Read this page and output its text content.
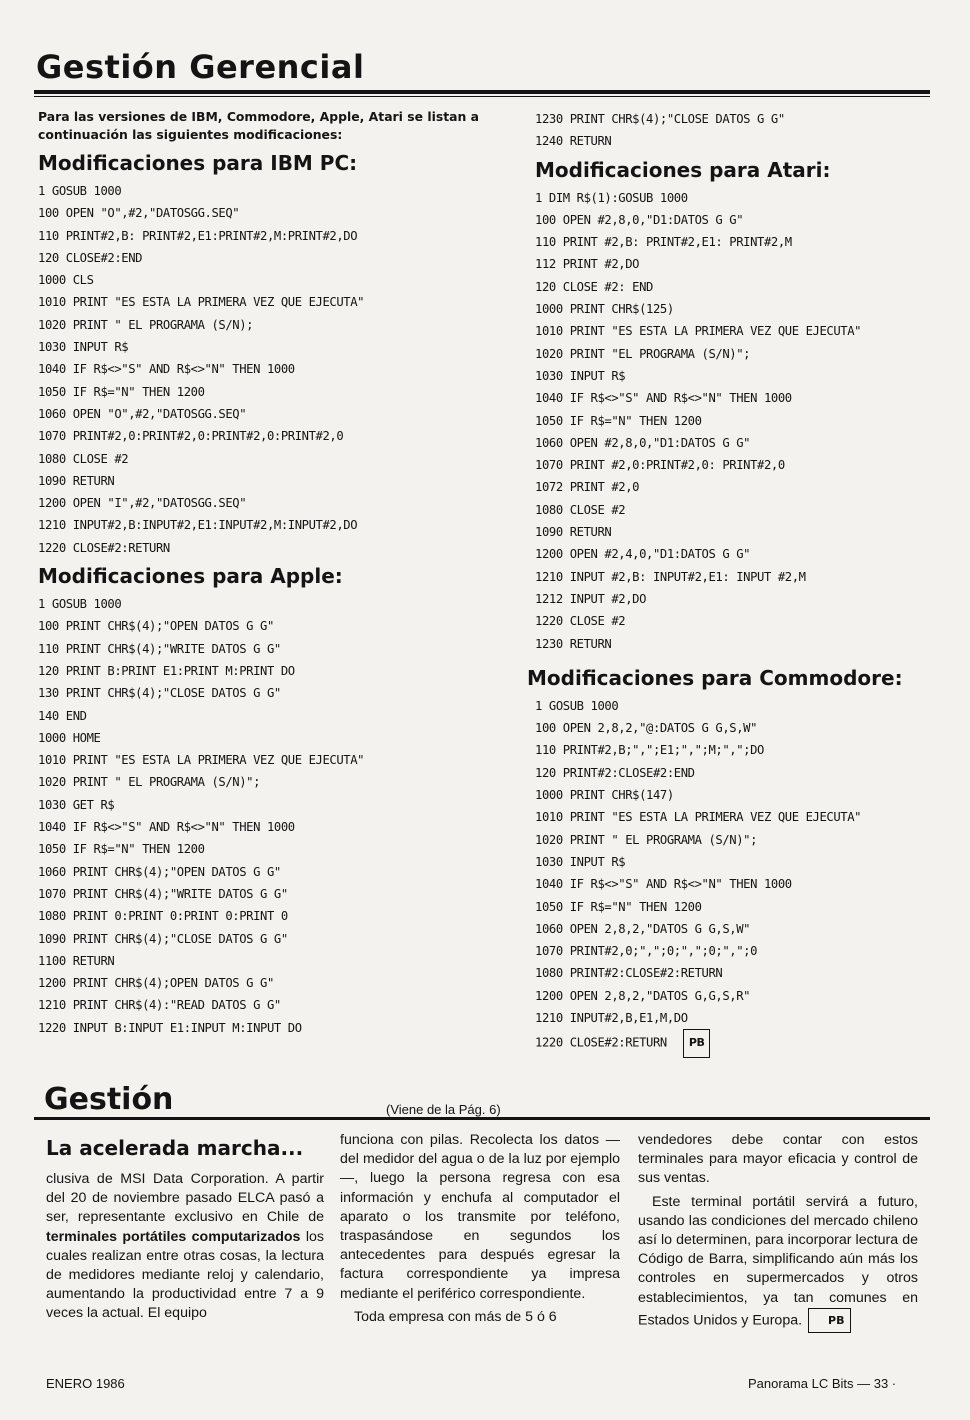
Gestión Gerencial

Para las versiones de IBM, Commodore, Apple, Atari se listan a continuación las siguientes modificaciones:

Modificaciones para IBM PC:
1 GOSUB 1000
100 OPEN "O",#2,"DATOSGG.SEQ"
110 PRINT#2,B: PRINT#2,E1:PRINT#2,M:PRINT#2,DO
120 CLOSE#2:END
1000 CLS
1010 PRINT "ES ESTA LA PRIMERA VEZ QUE EJECUTA"
1020 PRINT " EL PROGRAMA (S/N);
1030 INPUT R$
1040 IF R$<>"S" AND R$<>"N" THEN 1000
1050 IF R$="N" THEN 1200
1060 OPEN "O",#2,"DATOSGG.SEQ"
1070 PRINT#2,0:PRINT#2,0:PRINT#2,0:PRINT#2,0
1080 CLOSE #2
1090 RETURN
1200 OPEN "I",#2,"DATOSGG.SEQ"
1210 INPUT#2,B:INPUT#2,E1:INPUT#2,M:INPUT#2,DO
1220 CLOSE#2:RETURN
Modificaciones para Apple:
1 GOSUB 1000
100 PRINT CHR$(4);"OPEN DATOS G G"
110 PRINT CHR$(4);"WRITE DATOS G G"
120 PRINT B:PRINT E1:PRINT M:PRINT DO
130 PRINT CHR$(4);"CLOSE DATOS G G"
140 END
1000 HOME
1010 PRINT "ES ESTA LA PRIMERA VEZ QUE EJECUTA"
1020 PRINT " EL PROGRAMA (S/N)";
1030 GET R$
1040 IF R$<>"S" AND R$<>"N" THEN 1000
1050 IF R$="N" THEN 1200
1060 PRINT CHR$(4);"OPEN DATOS G G"
1070 PRINT CHR$(4);"WRITE DATOS G G"
1080 PRINT 0:PRINT 0:PRINT 0:PRINT 0
1090 PRINT CHR$(4);"CLOSE DATOS G G"
1100 RETURN
1200 PRINT CHR$(4);OPEN DATOS G G"
1210 PRINT CHR$(4):"READ DATOS G G"
1220 INPUT B:INPUT E1:INPUT M:INPUT DO
1230 PRINT CHR$(4);"CLOSE DATOS G G"
1240 RETURN
Modificaciones para Atari:
1 DIM R$(1):GOSUB 1000
100 OPEN #2,8,0,"D1:DATOS G G"
110 PRINT #2,B: PRINT#2,E1: PRINT#2,M
112 PRINT #2,DO
120 CLOSE #2: END
1000 PRINT CHR$(125)
1010 PRINT "ES ESTA LA PRIMERA VEZ QUE EJECUTA"
1020 PRINT "EL PROGRAMA (S/N)";
1030 INPUT R$
1040 IF R$<>"S" AND R$<>"N" THEN 1000
1050 IF R$="N" THEN 1200
1060 OPEN #2,8,0,"D1:DATOS G G"
1070 PRINT #2,0:PRINT#2,0: PRINT#2,0
1072 PRINT #2,0
1080 CLOSE #2
1090 RETURN
1200 OPEN #2,4,0,"D1:DATOS G G"
1210 INPUT #2,B: INPUT#2,E1: INPUT #2,M
1212 INPUT #2,DO
1220 CLOSE #2
1230 RETURN
Modificaciones para Commodore:
1 GOSUB 1000
100 OPEN 2,8,2,"@:DATOS G G,S,W"
110 PRINT#2,B;",";E1;",";M;",";DO
120 PRINT#2:CLOSE#2:END
1000 PRINT CHR$(147)
1010 PRINT "ES ESTA LA PRIMERA VEZ QUE EJECUTA"
1020 PRINT " EL PROGRAMA (S/N)";
1030 INPUT R$
1040 IF R$<>"S" AND R$<>"N" THEN 1000
1050 IF R$="N" THEN 1200
1060 OPEN 2,8,2,"DATOS G G,S,W"
1070 PRINT#2,0;",";0;",";0;",";0
1080 PRINT#2:CLOSE#2:RETURN
1200 OPEN 2,8,2,"DATOS G,G,S,R"
1210 INPUT#2,B,E1,M,DO
1220 CLOSE#2:RETURN PB
Gestión	(Viene de la Pág. 6)
La acelerada marcha...

clusiva de MSI Data Corporation. A partir del 20 de noviembre pasado ELCA pasó a ser, representante exclusivo en Chile de terminales portátiles computarizados los cuales realizan entre otras cosas, la lectura de medidores mediante reloj y calendario, aumentando la productividad entre 7 a 9 veces la actual. El equipo

funciona con pilas. Recolecta los datos —del medidor del agua o de la luz por ejemplo—, luego la persona regresa con esa información y enchufa al computador el aparato o los transmite por teléfono, traspasándose en segundos los antecedentes para después egresar la factura correspondiente ya impresa mediante el periférico correspondiente.

Toda empresa con más de 5 ó 6

vendedores debe contar con estos terminales para mayor eficacia y control de sus ventas.

Este terminal portátil servirá a futuro, usando las condiciones del mercado chileno así lo determinen, para incorporar lectura de Código de Barra, simplificando aún más los controles en supermercados y otros establecimientos, ya tan comunes en Estados Unidos y Europa. PB

ENERO 1986	Panorama LC Bits — 33 ·
